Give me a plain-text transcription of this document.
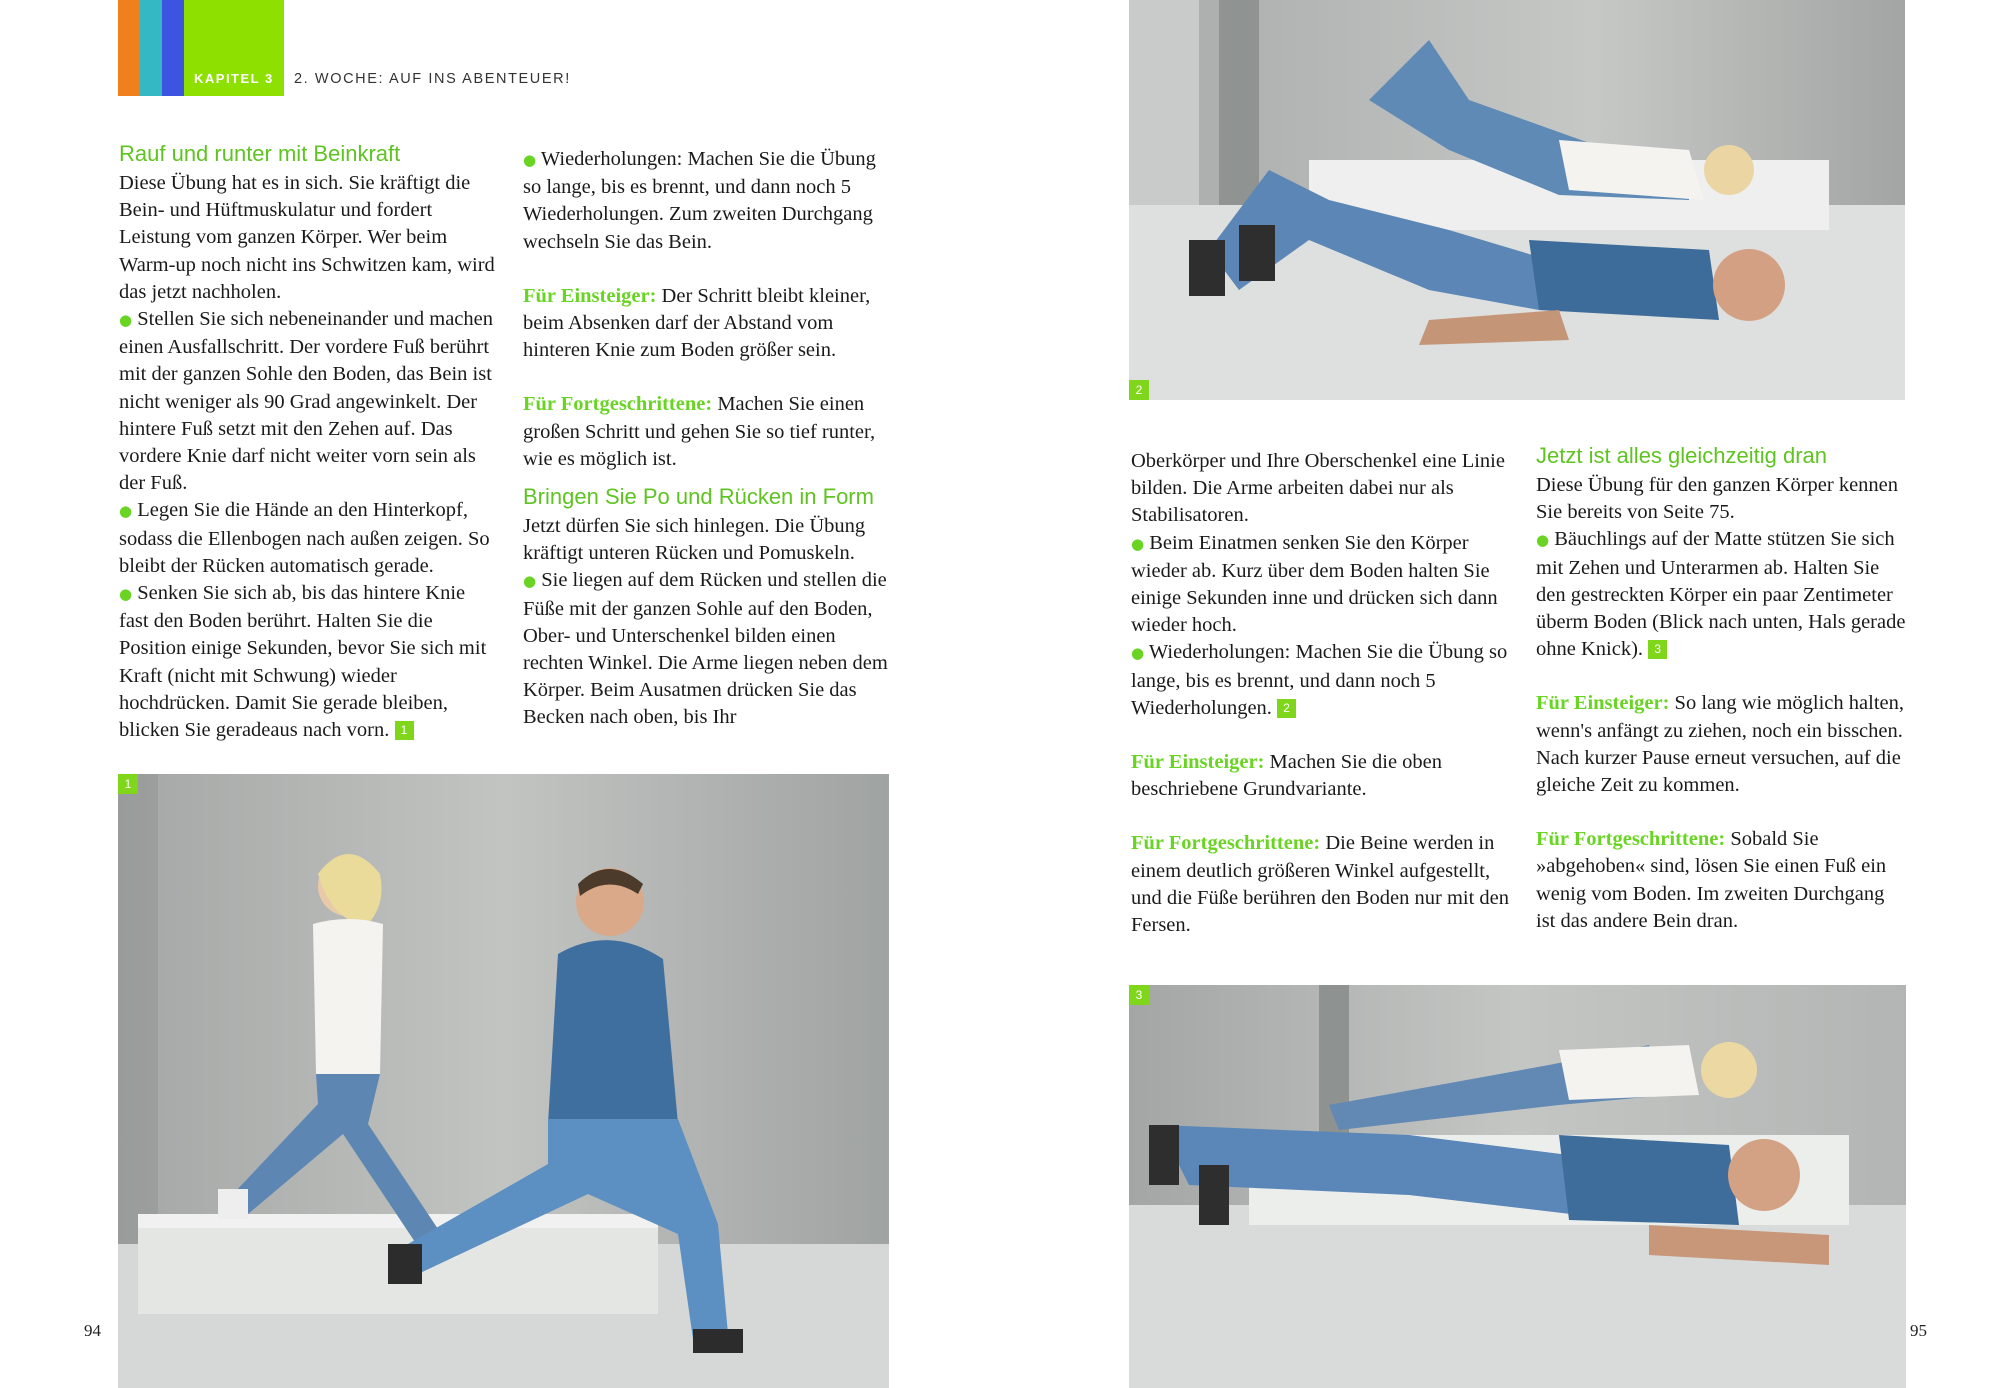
KAPITEL 3 2. WOCHE: AUF INS ABENTEUER!
Rauf und runter mit Beinkraft

Diese Übung hat es in sich. Sie kräftigt die Bein- und Hüftmuskulatur und fordert Leistung vom ganzen Körper. Wer beim Warm-up noch nicht ins Schwitzen kam, wird das jetzt nachholen.

● Stellen Sie sich nebeneinander und machen einen Ausfallschritt. Der vordere Fuß berührt mit der ganzen Sohle den Boden, das Bein ist nicht weniger als 90 Grad angewinkelt. Der hintere Fuß setzt mit den Zehen auf. Das vordere Knie darf nicht weiter vorn sein als der Fuß.

● Legen Sie die Hände an den Hinterkopf, sodass die Ellenbogen nach außen zeigen. So bleibt der Rücken automatisch gerade.

● Senken Sie sich ab, bis das hintere Knie fast den Boden berührt. Halten Sie die Position einige Sekunden, bevor Sie sich mit Kraft (nicht mit Schwung) wieder hochdrücken. Damit Sie gerade bleiben, blicken Sie geradeaus nach vorn. 1

● Wiederholungen: Machen Sie die Übung so lange, bis es brennt, und dann noch 5 Wiederholungen. Zum zweiten Durchgang wechseln Sie das Bein.

Für Einsteiger: Der Schritt bleibt kleiner, beim Absenken darf der Abstand vom hinteren Knie zum Boden größer sein.

Für Fortgeschrittene: Machen Sie einen großen Schritt und gehen Sie so tief runter, wie es möglich ist.

Bringen Sie Po und Rücken in Form

Jetzt dürfen Sie sich hinlegen. Die Übung kräftigt unteren Rücken und Pomuskeln.

● Sie liegen auf dem Rücken und stellen die Füße mit der ganzen Sohle auf den Boden, Ober- und Unterschenkel bilden einen rechten Winkel. Die Arme liegen neben dem Körper. Beim Ausatmen drücken Sie das Becken nach oben, bis Ihr

1
94
2

Oberkörper und Ihre Oberschenkel eine Linie bilden. Die Arme arbeiten dabei nur als Stabilisatoren.

● Beim Einatmen senken Sie den Körper wieder ab. Kurz über dem Boden halten Sie einige Sekunden inne und drücken sich dann wieder hoch.

● Wiederholungen: Machen Sie die Übung so lange, bis es brennt, und dann noch 5 Wiederholungen. 2

Für Einsteiger: Machen Sie die oben beschriebene Grundvariante.

Für Fortgeschrittene: Die Beine werden in einem deutlich größeren Winkel aufgestellt, und die Füße berühren den Boden nur mit den Fersen.

Jetzt ist alles gleichzeitig dran

Diese Übung für den ganzen Körper kennen Sie bereits von Seite 75.

● Bäuchlings auf der Matte stützen Sie sich mit Zehen und Unterarmen ab. Halten Sie den gestreckten Körper ein paar Zentimeter überm Boden (Blick nach unten, Hals gerade ohne Knick). 3

Für Einsteiger: So lang wie möglich halten, wenn's anfängt zu ziehen, noch ein bisschen. Nach kurzer Pause erneut versuchen, auf die gleiche Zeit zu kommen.

Für Fortgeschrittene: Sobald Sie »abgehoben« sind, lösen Sie einen Fuß ein wenig vom Boden. Im zweiten Durchgang ist das andere Bein dran.

3
95
